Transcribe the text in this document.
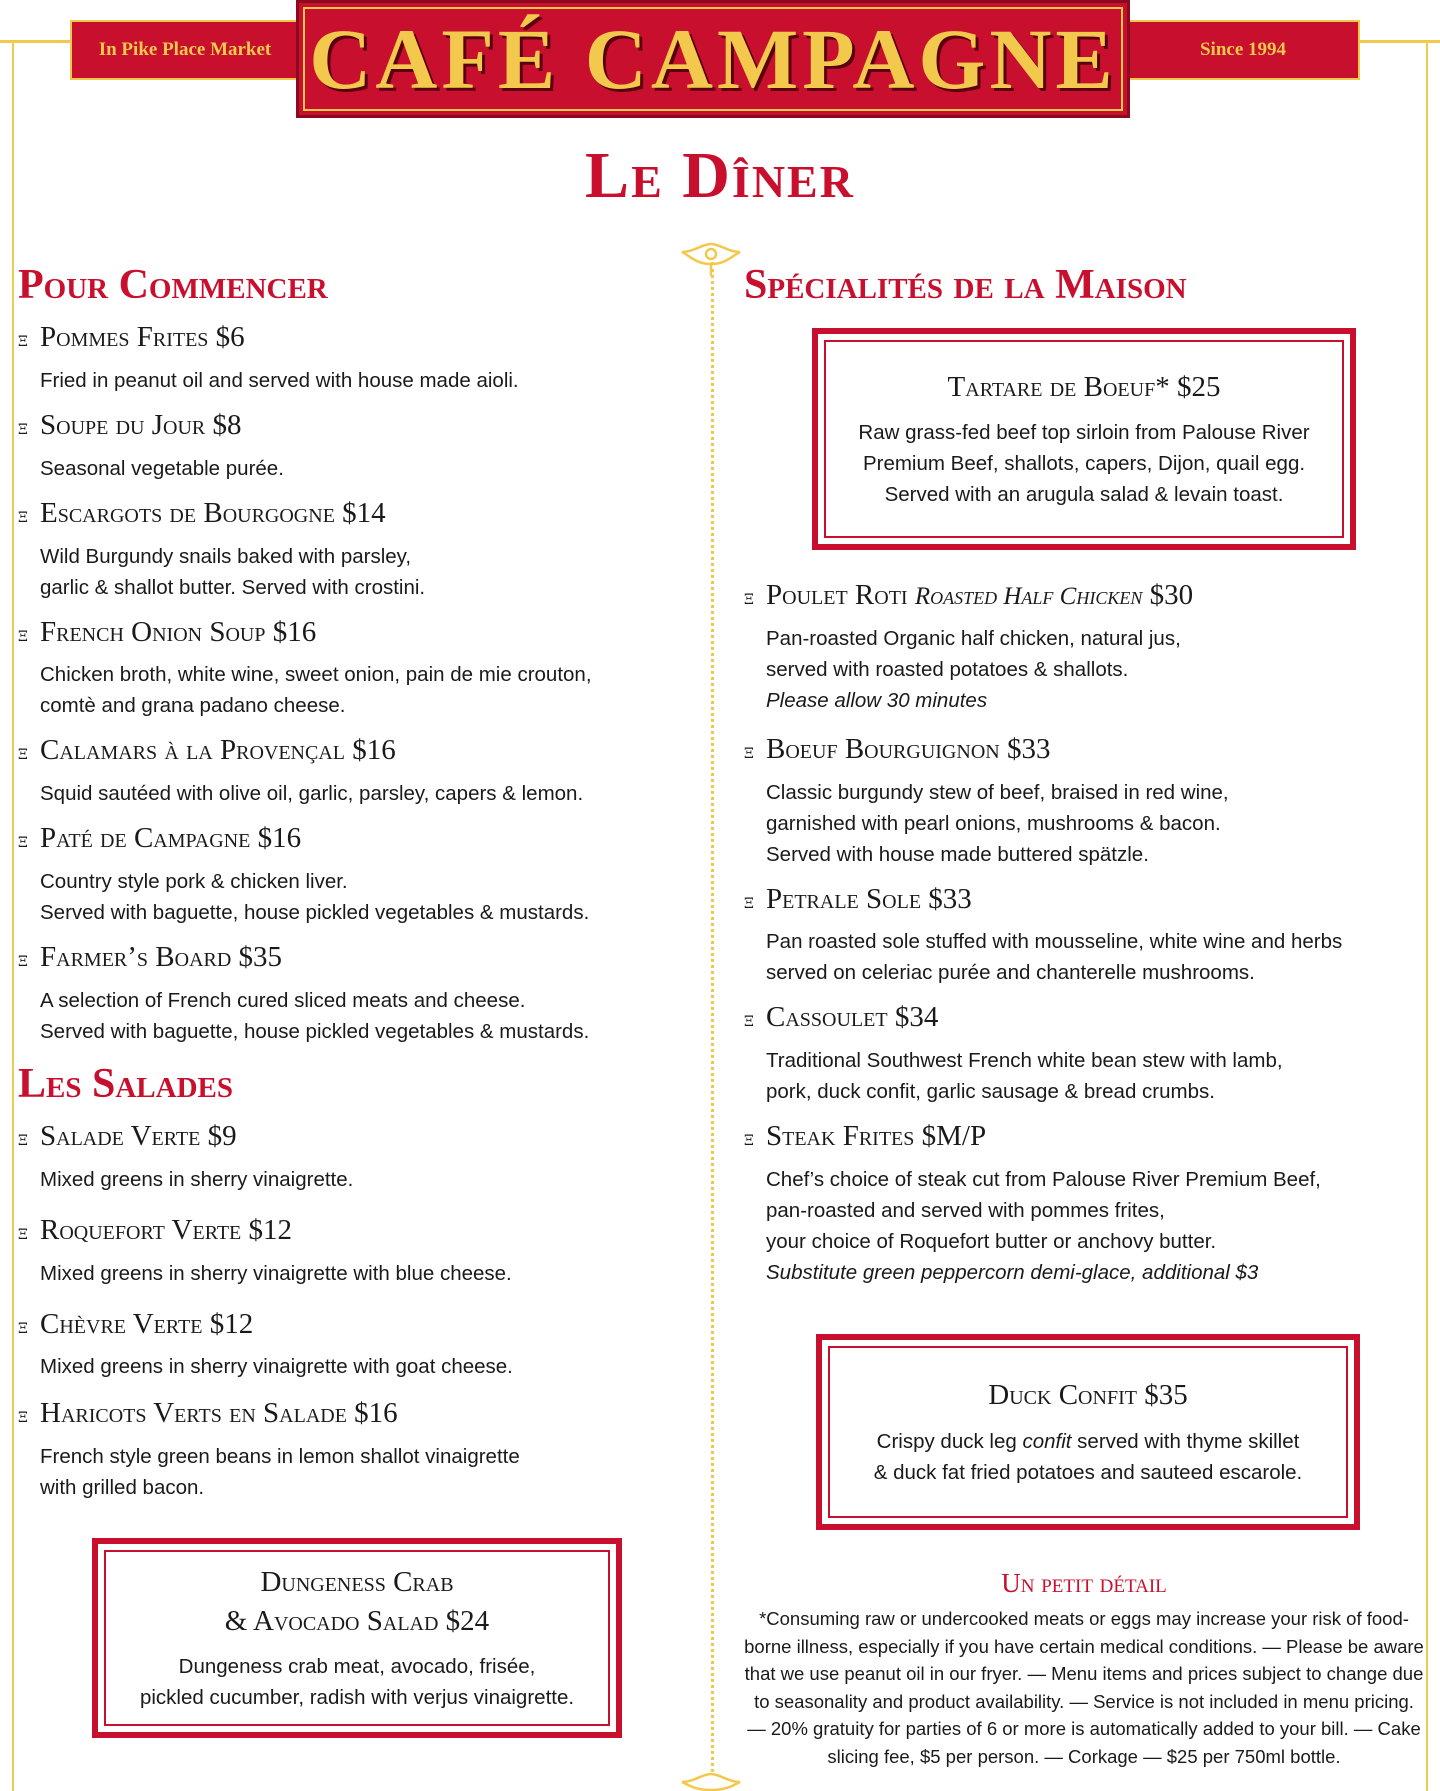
In Pike Place Market	Since 1994
CAFÉ CAMPAGNE
Le Dîner
Pour Commencer
ξ Pommes Frites $6
Fried in peanut oil and served with house made aioli.
ξ Soupe du Jour $8
Seasonal vegetable purée.
ξ Escargots de Bourgogne $14
Wild Burgundy snails baked with parsley,
garlic & shallot butter. Served with crostini.
ξ French Onion Soup $16
Chicken broth, white wine, sweet onion, pain de mie crouton,
comtè and grana padano cheese.
ξ Calamars à la Provençal $16
Squid sautéed with olive oil, garlic, parsley, capers & lemon.
ξ Paté de Campagne $16
Country style pork & chicken liver.
Served with baguette, house pickled vegetables & mustards.
ξ Farmer’s Board $35
A selection of French cured sliced meats and cheese.
Served with baguette, house pickled vegetables & mustards.
Les Salades
ξ Salade Verte $9
Mixed greens in sherry vinaigrette.
ξ Roquefort Verte $12
Mixed greens in sherry vinaigrette with blue cheese.
ξ Chèvre Verte $12
Mixed greens in sherry vinaigrette with goat cheese.
ξ Haricots Verts en Salade $16
French style green beans in lemon shallot vinaigrette
with grilled bacon.
Dungeness Crab
& Avocado Salad $24
Dungeness crab meat, avocado, frisée,
pickled cucumber, radish with verjus vinaigrette.
Spécialités de la Maison
Tartare de Boeuf* $25
Raw grass-fed beef top sirloin from Palouse River
Premium Beef, shallots, capers, Dijon, quail egg.
Served with an arugula salad & levain toast.
ξ Poulet Roti
Roasted Half Chicken
$30
Pan-roasted Organic half chicken, natural jus,
served with roasted potatoes & shallots.
Please allow 30 minutes
ξ Boeuf Bourguignon $33
Classic burgundy stew of beef, braised in red wine,
garnished with pearl onions, mushrooms & bacon.
Served with house made buttered spätzle.
ξ Petrale Sole $33
Pan roasted sole stuffed with mousseline, white wine and herbs
served on celeriac purée and chanterelle mushrooms.
ξ Cassoulet $34
Traditional Southwest French white bean stew with lamb,
pork, duck confit, garlic sausage & bread crumbs.
ξ Steak Frites $M/P
Chef’s choice of steak cut from Palouse River Premium Beef,
pan-roasted and served with pommes frites,
your choice of Roquefort butter or anchovy butter.
Substitute green peppercorn demi-glace, additional $3
Duck Confit $35
Crispy duck leg confit served with thyme skillet
& duck fat fried potatoes and sauteed escarole.
Un petit détail
*Consuming raw or undercooked meats or eggs may increase your risk of food-borne illness, especially if you have certain medical conditions. — Please be aware that we use peanut oil in our fryer. — Menu items and prices subject to change due to seasonality and product availability. — Service is not included in menu pricing. — 20% gratuity for parties of 6 or more is automatically added to your bill. — Cake slicing fee, $5 per person. — Corkage — $25 per 750ml bottle.
